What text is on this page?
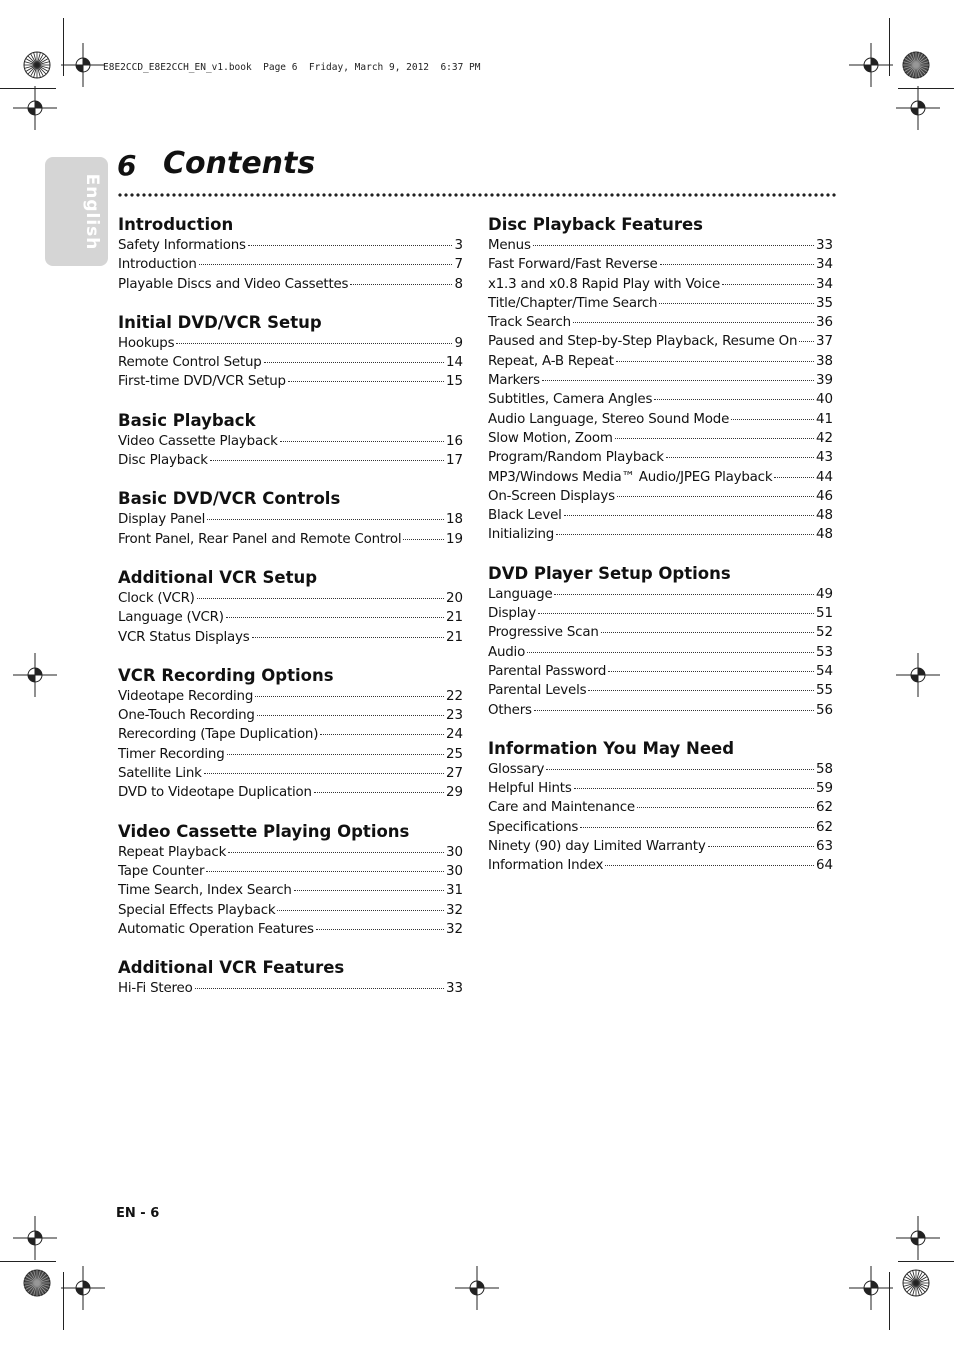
E8E2CCD_E8E2CCH_EN_v1.book  Page 6  Friday, March 9, 2012  6:37 PM
English
6 Contents
Introduction
Safety Informations	3
Introduction	7
Playable Discs and Video Cassettes	8
Initial DVD/VCR Setup
Hookups	9
Remote Control Setup	14
First-time DVD/VCR Setup	15
Basic Playback
Video Cassette Playback	16
Disc Playback	17
Basic DVD/VCR Controls
Display Panel	18
Front Panel, Rear Panel and Remote Control	19
Additional VCR Setup
Clock (VCR)	20
Language (VCR)	21
VCR Status Displays	21
VCR Recording Options
Videotape Recording	22
One-Touch Recording	23
Rerecording (Tape Duplication)	24
Timer Recording	25
Satellite Link	27
DVD to Videotape Duplication	29
Video Cassette Playing Options
Repeat Playback	30
Tape Counter	30
Time Search, Index Search	31
Special Effects Playback	32
Automatic Operation Features	32
Additional VCR Features
Hi-Fi Stereo	33
Disc Playback Features
Menus	33
Fast Forward/Fast Reverse	34
x1.3 and x0.8 Rapid Play with Voice	34
Title/Chapter/Time Search	35
Track Search	36
Paused and Step-by-Step Playback, Resume On 37
Repeat, A-B Repeat	38
Markers	39
Subtitles, Camera Angles	40
Audio Language, Stereo Sound Mode	41
Slow Motion, Zoom	42
Program/Random Playback	43
MP3/Windows Media™ Audio/JPEG Playback	44
On-Screen Displays	46
Black Level	48
Initializing	48
DVD Player Setup Options
Language	49
Display	51
Progressive Scan	52
Audio	53
Parental Password	54
Parental Levels	55
Others	56
Information You May Need
Glossary	58
Helpful Hints	59
Care and Maintenance	62
Specifications	62
Ninety (90) day Limited Warranty	63
Information Index	64
EN - 6
